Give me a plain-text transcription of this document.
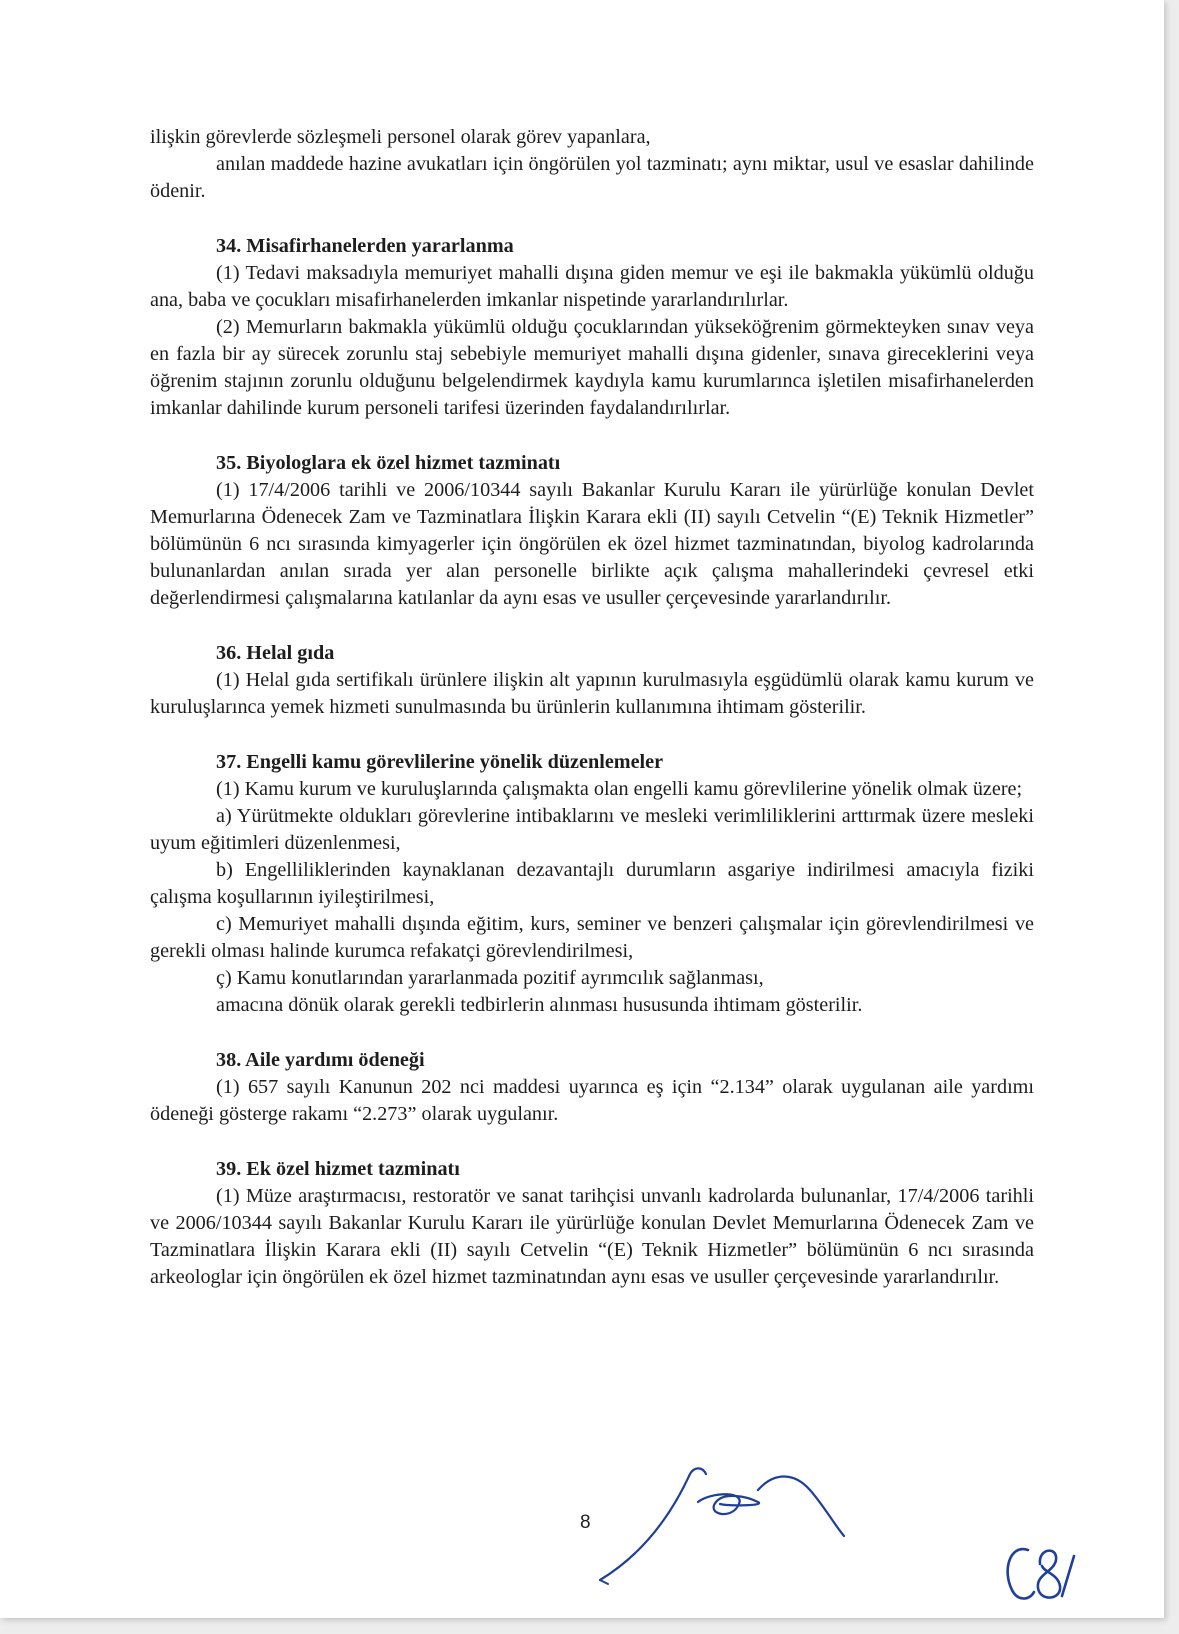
ilişkin görevlerde sözleşmeli personel olarak görev yapanlara,

anılan maddede hazine avukatları için öngörülen yol tazminatı; aynı miktar, usul ve esaslar dahilinde ödenir.

34. Misafirhanelerden yararlanma

(1) Tedavi maksadıyla memuriyet mahalli dışına giden memur ve eşi ile bakmakla yükümlü olduğu ana, baba ve çocukları misafirhanelerden imkanlar nispetinde yararlandırılırlar.

(2) Memurların bakmakla yükümlü olduğu çocuklarından yükseköğrenim görmekteyken sınav veya en fazla bir ay sürecek zorunlu staj sebebiyle memuriyet mahalli dışına gidenler, sınava gireceklerini veya öğrenim stajının zorunlu olduğunu belgelendirmek kaydıyla kamu kurumlarınca işletilen misafirhanelerden imkanlar dahilinde kurum personeli tarifesi üzerinden faydalandırılırlar.

35. Biyologlara ek özel hizmet tazminatı

(1) 17/4/2006 tarihli ve 2006/10344 sayılı Bakanlar Kurulu Kararı ile yürürlüğe konulan Devlet Memurlarına Ödenecek Zam ve Tazminatlara İlişkin Karara ekli (II) sayılı Cetvelin “(E) Teknik Hizmetler” bölümünün 6 ncı sırasında kimyagerler için öngörülen ek özel hizmet tazminatından, biyolog kadrolarında bulunanlardan anılan sırada yer alan personelle birlikte açık çalışma mahallerindeki çevresel etki değerlendirmesi çalışmalarına katılanlar da aynı esas ve usuller çerçevesinde yararlandırılır.

36. Helal gıda

(1) Helal gıda sertifikalı ürünlere ilişkin alt yapının kurulmasıyla eşgüdümlü olarak kamu kurum ve kuruluşlarınca yemek hizmeti sunulmasında bu ürünlerin kullanımına ihtimam gösterilir.

37. Engelli kamu görevlilerine yönelik düzenlemeler

(1) Kamu kurum ve kuruluşlarında çalışmakta olan engelli kamu görevlilerine yönelik olmak üzere;

a) Yürütmekte oldukları görevlerine intibaklarını ve mesleki verimliliklerini arttırmak üzere mesleki uyum eğitimleri düzenlenmesi,

b) Engelliliklerinden kaynaklanan dezavantajlı durumların asgariye indirilmesi amacıyla fiziki çalışma koşullarının iyileştirilmesi,

c) Memuriyet mahalli dışında eğitim, kurs, seminer ve benzeri çalışmalar için görevlendirilmesi ve gerekli olması halinde kurumca refakatçi görevlendirilmesi,

ç) Kamu konutlarından yararlanmada pozitif ayrımcılık sağlanması,

amacına dönük olarak gerekli tedbirlerin alınması hususunda ihtimam gösterilir.

38. Aile yardımı ödeneği

(1) 657 sayılı Kanunun 202 nci maddesi uyarınca eş için “2.134” olarak uygulanan aile yardımı ödeneği gösterge rakamı “2.273” olarak uygulanır.

39. Ek özel hizmet tazminatı

(1) Müze araştırmacısı, restoratör ve sanat tarihçisi unvanlı kadrolarda bulunanlar, 17/4/2006 tarihli ve 2006/10344 sayılı Bakanlar Kurulu Kararı ile yürürlüğe konulan Devlet Memurlarına Ödenecek Zam ve Tazminatlara İlişkin Karara ekli (II) sayılı Cetvelin “(E) Teknik Hizmetler” bölümünün 6 ncı sırasında arkeologlar için öngörülen ek özel hizmet tazminatından aynı esas ve usuller çerçevesinde yararlandırılır.

8
